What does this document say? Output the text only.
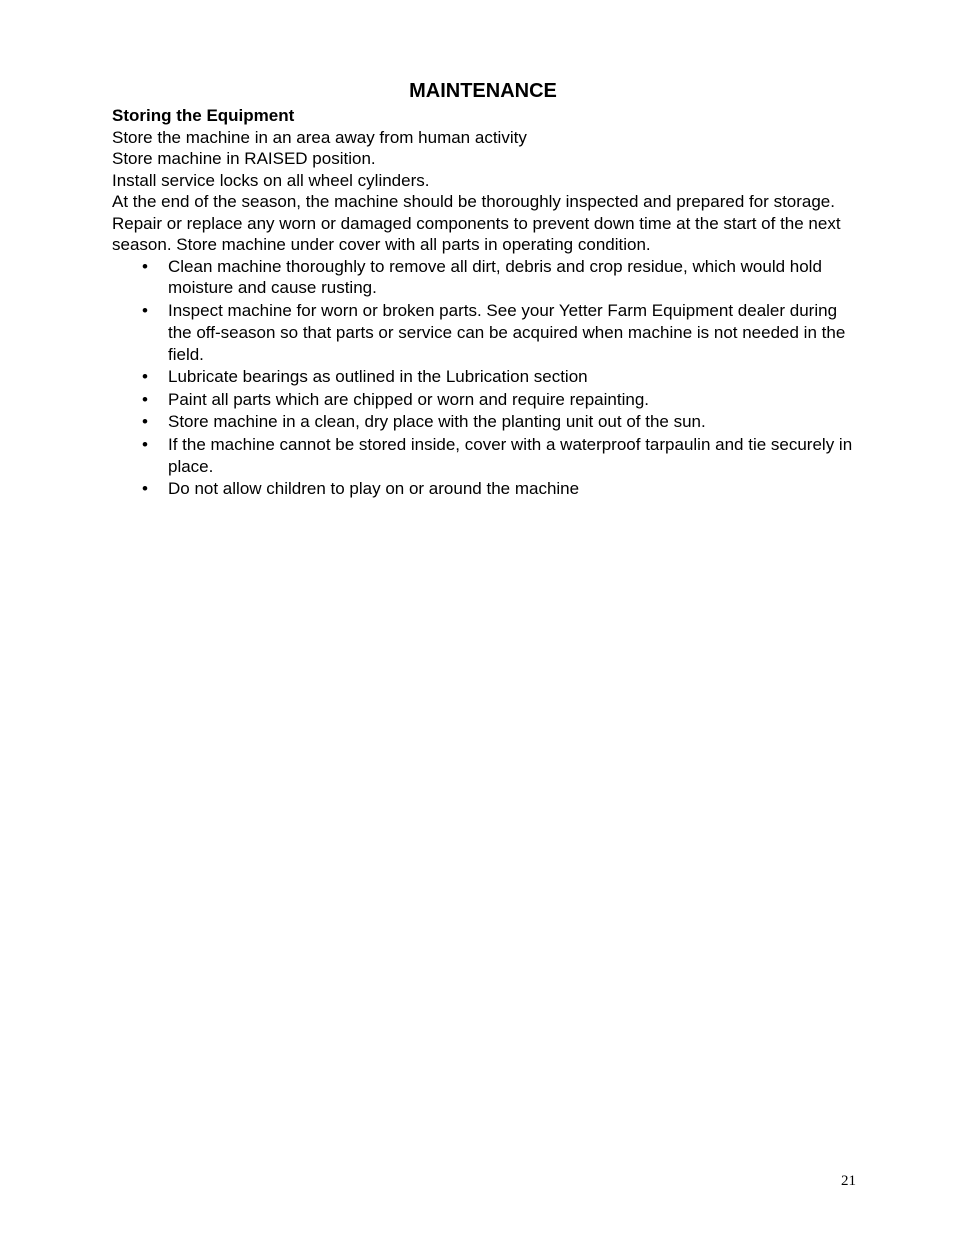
MAINTENANCE
Storing the Equipment

Store the machine in an area away from human activity

Store machine in RAISED position.

Install service locks on all wheel cylinders.

At the end of the season, the machine should be thoroughly inspected and prepared for storage. Repair or replace any worn or damaged components to prevent down time at the start of the next season. Store machine under cover with all parts in operating condition.

• Clean machine thoroughly to remove all dirt, debris and crop residue, which would hold moisture and cause rusting.
• Inspect machine for worn or broken parts. See your Yetter Farm Equipment dealer during the off-season so that parts or service can be acquired when machine is not needed in the field.
• Lubricate bearings as outlined in the Lubrication section
• Paint all parts which are chipped or worn and require repainting.
• Store machine in a clean, dry place with the planting unit out of the sun.
• If the machine cannot be stored inside, cover with a waterproof tarpaulin and tie securely in place.
• Do not allow children to play on or around the machine
21
